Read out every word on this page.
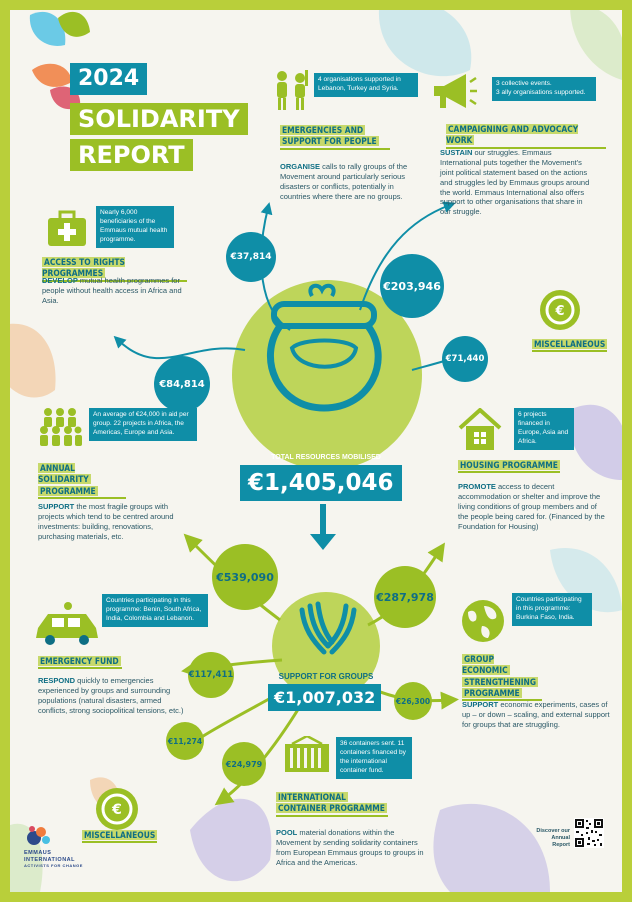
2024
SOLIDARITY
REPORT
4 organisations supported in Lebanon, Turkey and Syria.
EMERGENCIES AND
SUPPORT FOR PEOPLE
ORGANISE calls to rally groups of the Movement around particularly serious disasters or conflicts, potentially in countries where there are no groups.
€37,814
3 collective events.
3 ally organisations supported.
CAMPAIGNING AND ADVOCACY WORK
SUSTAIN our struggles. Emmaus International puts together the Movement's joint political statement based on the actions and struggles led by Emmaus groups around the world. Emmaus International also offers support to other organisations that share in our struggle.
€203,946
Nearly 6,000 beneficiaries of the Emmaus mutual health programme.
ACCESS TO RIGHTS PROGRAMMES
DEVELOP mutual health programmes for people without health access in Africa and Asia.
€84,814
€
MISCELLANEOUS
€71,440
TOTAL RESOURCES MOBILISED
€1,405,046
An average of €24,000 in aid per group. 22 projects in Africa, the Americas, Europe and Asia.
ANNUAL SOLIDARITY
PROGRAMME
SUPPORT the most fragile groups with projects which tend to be centred around investments: building, renovations, purchasing materials, etc.
€539,090
6 projects financed in Europe, Asia and Africa.
HOUSING PROGRAMME
PROMOTE access to decent accommodation or shelter and improve the living conditions of group members and of the people being cared for. (Financed by the Foundation for Housing)
€287,978
SUPPORT FOR GROUPS
€1,007,032
Countries participating in this programme: Benin, South Africa, India, Colombia and Lebanon.
EMERGENCY FUND
RESPOND quickly to emergencies experienced by groups and surrounding populations (natural disasters, armed conflicts, strong sociopolitical tensions, etc.)
€117,411
Countries participating in this programme: Burkina Faso, India.
GROUP ECONOMIC
STRENGTHENING
PROGRAMME
SUPPORT economic experiments, cases of up – or down – scaling, and external support for groups that are struggling.
€26,300
€11,274
€
MISCELLANEOUS
€24,979
36 containers sent. 11 containers financed by the international container fund.
INTERNATIONAL
CONTAINER PROGRAMME
POOL material donations within the Movement by sending solidarity containers from European Emmaus groups to groups in Africa and the Americas.
EMMAUS
INTERNATIONAL
ACTIVISTS FOR CHANGE
Discover our
Annual Report
